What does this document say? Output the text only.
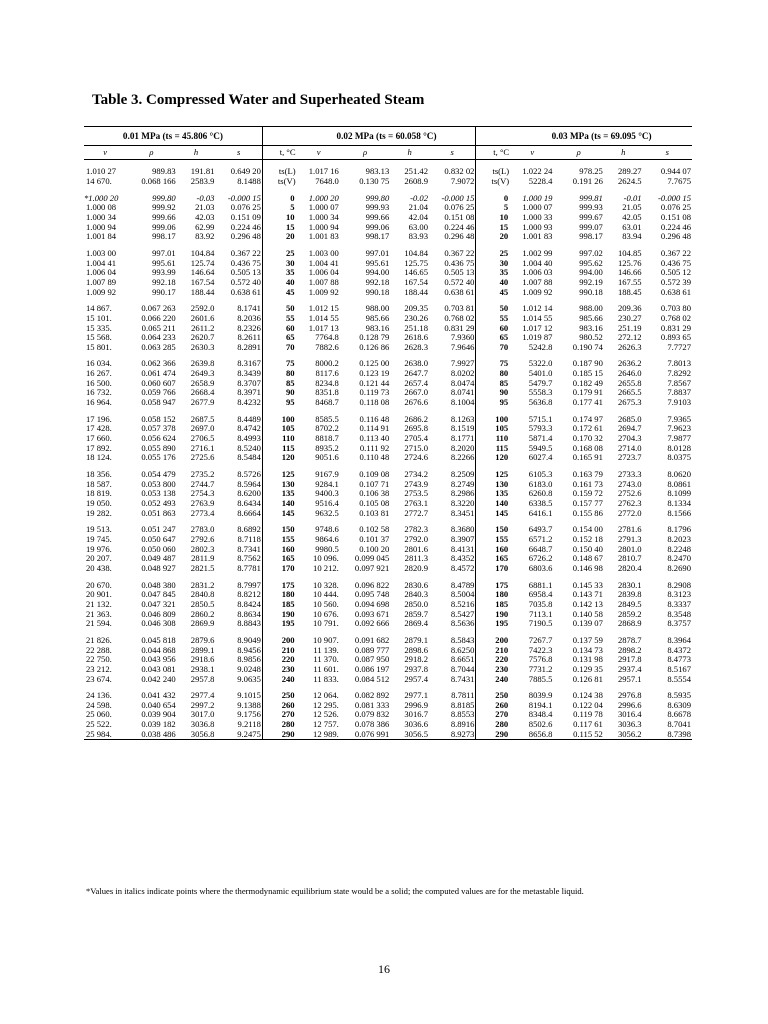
Table 3. Compressed Water and Superheated Steam
0.01 MPa (ts = 45.806 °C)					0.02 MPa (ts = 60.058 °C)					0.03 MPa (ts = 69.095 °C)			
v	ρ	h	s	t, °C	v	ρ	h	s	t, °C	v	ρ	h	s
1.010 27	989.83	191.81	0.649 20	ts(L)	1.017 16	983.13	251.42	0.832 02	ts(L)	1.022 24	978.25	289.27	0.944 07
14 670.	0.068 166	2583.9	8.1488	ts(V)	7648.0	0.130 75	2608.9	7.9072	ts(V)	5228.4	0.191 26	2624.5	7.7675
*1.000 20	999.80	-0.03	-0.000 15	0	1.000 20	999.80	-0.02	-0.000 15	0	1.000 19	999.81	-0.01	-0.000 15
1.000 08	999.92	21.03	0.076 25	5	1.000 07	999.93	21.04	0.076 25	5	1.000 07	999.93	21.05	0.076 25
1.000 34	999.66	42.03	0.151 09	10	1.000 34	999.66	42.04	0.151 08	10	1.000 33	999.67	42.05	0.151 08
1.000 94	999.06	62.99	0.224 46	15	1.000 94	999.06	63.00	0.224 46	15	1.000 93	999.07	63.01	0.224 46
1.001 84	998.17	83.92	0.296 48	20	1.001 83	998.17	83.93	0.296 48	20	1.001 83	998.17	83.94	0.296 48
1.003 00	997.01	104.84	0.367 22	25	1.003 00	997.01	104.84	0.367 22	25	1.002 99	997.02	104.85	0.367 22
1.004 41	995.61	125.74	0.436 75	30	1.004 41	995.61	125.75	0.436 75	30	1.004 40	995.62	125.76	0.436 75
1.006 04	993.99	146.64	0.505 13	35	1.006 04	994.00	146.65	0.505 13	35	1.006 03	994.00	146.66	0.505 12
1.007 89	992.18	167.54	0.572 40	40	1.007 88	992.18	167.54	0.572 40	40	1.007 88	992.19	167.55	0.572 39
1.009 92	990.17	188.44	0.638 61	45	1.009 92	990.18	188.44	0.638 61	45	1.009 92	990.18	188.45	0.638 61
14 867.	0.067 263	2592.0	8.1741	50	1.012 15	988.00	209.35	0.703 81	50	1.012 14	988.00	209.36	0.703 80
15 101.	0.066 220	2601.6	8.2036	55	1.014 55	985.66	230.26	0.768 02	55	1.014 55	985.66	230.27	0.768 02
15 335.	0.065 211	2611.2	8.2326	60	1.017 13	983.16	251.18	0.831 29	60	1.017 12	983.16	251.19	0.831 29
15 568.	0.064 233	2620.7	8.2611	65	7764.8	0.128 79	2618.6	7.9360	65	1.019 87	980.52	272.12	0.893 65
15 801.	0.063 285	2630.3	8.2891	70	7882.6	0.126 86	2628.3	7.9646	70	5242.8	0.190 74	2626.3	7.7727
16 034.	0.062 366	2639.8	8.3167	75	8000.2	0.125 00	2638.0	7.9927	75	5322.0	0.187 90	2636.2	7.8013
16 267.	0.061 474	2649.3	8.3439	80	8117.6	0.123 19	2647.7	8.0202	80	5401.0	0.185 15	2646.0	7.8292
16 500.	0.060 607	2658.9	8.3707	85	8234.8	0.121 44	2657.4	8.0474	85	5479.7	0.182 49	2655.8	7.8567
16 732.	0.059 766	2668.4	8.3971	90	8351.8	0.119 73	2667.0	8.0741	90	5558.3	0.179 91	2665.5	7.8837
16 964.	0.058 947	2677.9	8.4232	95	8468.7	0.118 08	2676.6	8.1004	95	5636.8	0.177 41	2675.3	7.9103
17 196.	0.058 152	2687.5	8.4489	100	8585.5	0.116 48	2686.2	8.1263	100	5715.1	0.174 97	2685.0	7.9365
17 428.	0.057 378	2697.0	8.4742	105	8702.2	0.114 91	2695.8	8.1519	105	5793.3	0.172 61	2694.7	7.9623
17 660.	0.056 624	2706.5	8.4993	110	8818.7	0.113 40	2705.4	8.1771	110	5871.4	0.170 32	2704.3	7.9877
17 892.	0.055 890	2716.1	8.5240	115	8935.2	0.111 92	2715.0	8.2020	115	5949.5	0.168 08	2714.0	8.0128
18 124.	0.055 176	2725.6	8.5484	120	9051.6	0.110 48	2724.6	8.2266	120	6027.4	0.165 91	2723.7	8.0375
18 356.	0.054 479	2735.2	8.5726	125	9167.9	0.109 08	2734.2	8.2509	125	6105.3	0.163 79	2733.3	8.0620
18 587.	0.053 800	2744.7	8.5964	130	9284.1	0.107 71	2743.9	8.2749	130	6183.0	0.161 73	2743.0	8.0861
18 819.	0.053 138	2754.3	8.6200	135	9400.3	0.106 38	2753.5	8.2986	135	6260.8	0.159 72	2752.6	8.1099
19 050.	0.052 493	2763.9	8.6434	140	9516.4	0.105 08	2763.1	8.3220	140	6338.5	0.157 77	2762.3	8.1334
19 282.	0.051 863	2773.4	8.6664	145	9632.5	0.103 81	2772.7	8.3451	145	6416.1	0.155 86	2772.0	8.1566
19 513.	0.051 247	2783.0	8.6892	150	9748.6	0.102 58	2782.3	8.3680	150	6493.7	0.154 00	2781.6	8.1796
19 745.	0.050 647	2792.6	8.7118	155	9864.6	0.101 37	2792.0	8.3907	155	6571.2	0.152 18	2791.3	8.2023
19 976.	0.050 060	2802.3	8.7341	160	9980.5	0.100 20	2801.6	8.4131	160	6648.7	0.150 40	2801.0	8.2248
20 207.	0.049 487	2811.9	8.7562	165	10 096.	0.099 045	2811.3	8.4352	165	6726.2	0.148 67	2810.7	8.2470
20 438.	0.048 927	2821.5	8.7781	170	10 212.	0.097 921	2820.9	8.4572	170	6803.6	0.146 98	2820.4	8.2690
20 670.	0.048 380	2831.2	8.7997	175	10 328.	0.096 822	2830.6	8.4789	175	6881.1	0.145 33	2830.1	8.2908
20 901.	0.047 845	2840.8	8.8212	180	10 444.	0.095 748	2840.3	8.5004	180	6958.4	0.143 71	2839.8	8.3123
21 132.	0.047 321	2850.5	8.8424	185	10 560.	0.094 698	2850.0	8.5216	185	7035.8	0.142 13	2849.5	8.3337
21 363.	0.046 809	2860.2	8.8634	190	10 676.	0.093 671	2859.7	8.5427	190	7113.1	0.140 58	2859.2	8.3548
21 594.	0.046 308	2869.9	8.8843	195	10 791.	0.092 666	2869.4	8.5636	195	7190.5	0.139 07	2868.9	8.3757
21 826.	0.045 818	2879.6	8.9049	200	10 907.	0.091 682	2879.1	8.5843	200	7267.7	0.137 59	2878.7	8.3964
22 288.	0.044 868	2899.1	8.9456	210	11 139.	0.089 777	2898.6	8.6250	210	7422.3	0.134 73	2898.2	8.4372
22 750.	0.043 956	2918.6	8.9856	220	11 370.	0.087 950	2918.2	8.6651	220	7576.8	0.131 98	2917.8	8.4773
23 212.	0.043 081	2938.1	9.0248	230	11 601.	0.086 197	2937.8	8.7044	230	7731.2	0.129 35	2937.4	8.5167
23 674.	0.042 240	2957.8	9.0635	240	11 833.	0.084 512	2957.4	8.7431	240	7885.5	0.126 81	2957.1	8.5554
24 136.	0.041 432	2977.4	9.1015	250	12 064.	0.082 892	2977.1	8.7811	250	8039.9	0.124 38	2976.8	8.5935
24 598.	0.040 654	2997.2	9.1388	260	12 295.	0.081 333	2996.9	8.8185	260	8194.1	0.122 04	2996.6	8.6309
25 060.	0.039 904	3017.0	9.1756	270	12 526.	0.079 832	3016.7	8.8553	270	8348.4	0.119 78	3016.4	8.6678
25 522.	0.039 182	3036.8	9.2118	280	12 757.	0.078 386	3036.6	8.8916	280	8502.6	0.117 61	3036.3	8.7041
25 984.	0.038 486	3056.8	9.2475	290	12 989.	0.076 991	3056.5	8.9273	290	8656.8	0.115 52	3056.2	8.7398

*Values in italics indicate points where the thermodynamic equilibrium state would be a solid; the computed values are for the metastable liquid.

16
